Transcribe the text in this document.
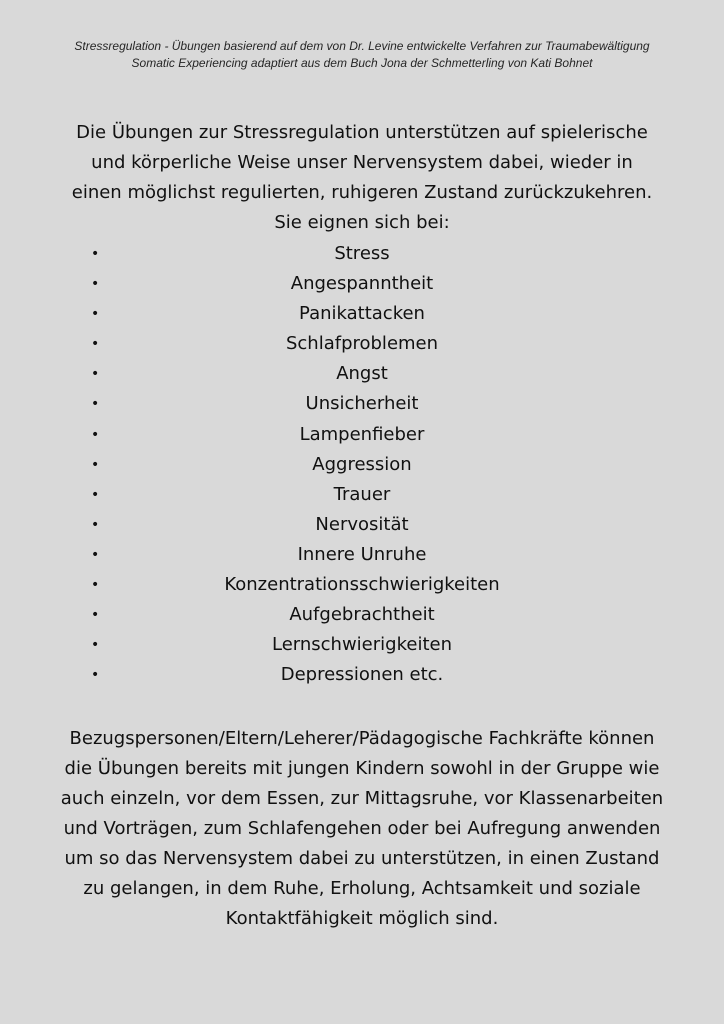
Stressregulation - Übungen basierend auf dem von Dr. Levine entwickelte Verfahren zur Traumabewältigung
Somatic Experiencing adaptiert aus dem Buch Jona der Schmetterling von Kati Bohnet
Die Übungen zur Stressregulation unterstützen auf spielerische und körperliche Weise unser Nervensystem dabei, wieder in einen möglichst regulierten, ruhigeren Zustand zurückzukehren. Sie eignen sich bei:
•	Stress
•	Angespanntheit
•	Panikattacken
•	Schlafproblemen
•	Angst
•	Unsicherheit
•	Lampenfieber
•	Aggression
•	Trauer
•	Nervosität
•	Innere Unruhe
•	Konzentrationsschwierigkeiten
•	Aufgebrachtheit
•	Lernschwierigkeiten
•	Depressionen etc.
Bezugspersonen/Eltern/Leherer/Pädagogische Fachkräfte können die Übungen bereits mit jungen Kindern sowohl in der Gruppe wie auch einzeln, vor dem Essen, zur Mittagsruhe, vor Klassenarbeiten und Vorträgen, zum Schlafengehen oder bei Aufregung anwenden um so das Nervensystem dabei zu unterstützen, in einen Zustand zu gelangen, in dem Ruhe, Erholung, Achtsamkeit und soziale Kontaktfähigkeit möglich sind.
